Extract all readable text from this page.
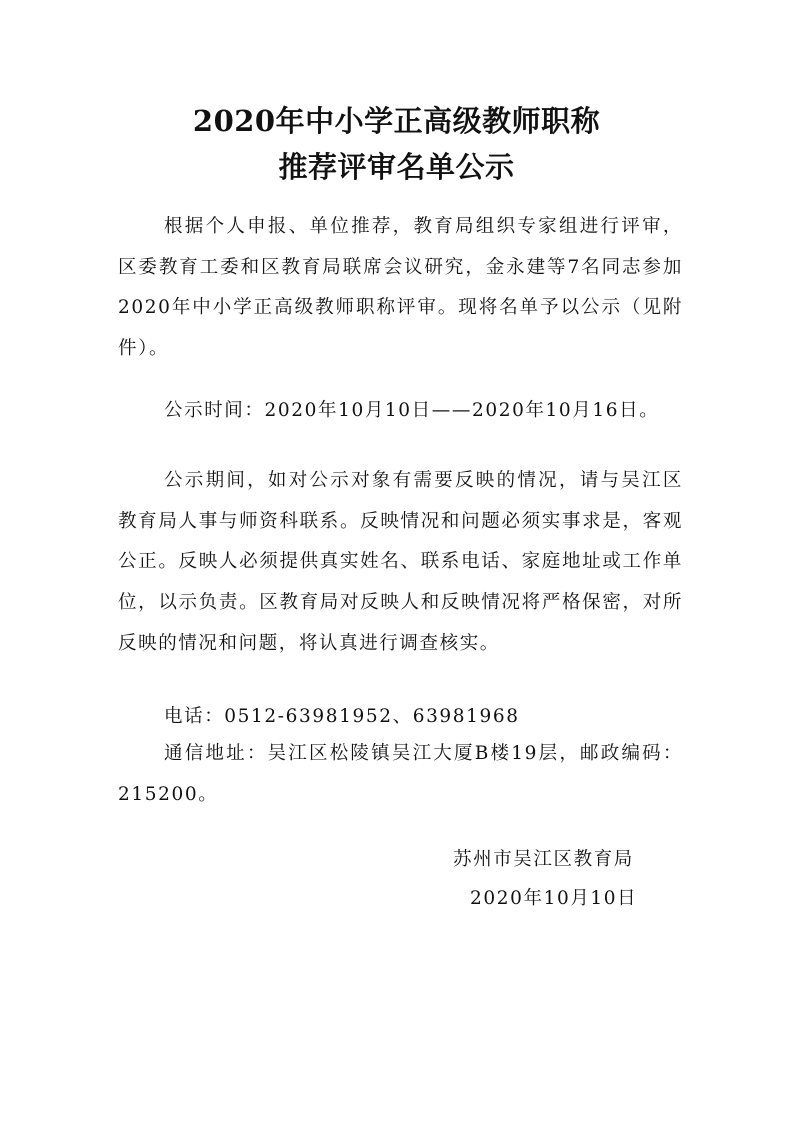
2020年中小学正高级教师职称
推荐评审名单公示

根据个人申报、单位推荐，教育局组织专家组进行评审，区委教育工委和区教育局联席会议研究，金永建等7名同志参加2020年中小学正高级教师职称评审。现将名单予以公示（见附件）。

公示时间：2020年10月10日——2020年10月16日。

公示期间，如对公示对象有需要反映的情况，请与吴江区教育局人事与师资科联系。反映情况和问题必须实事求是，客观公正。反映人必须提供真实姓名、联系电话、家庭地址或工作单位，以示负责。区教育局对反映人和反映情况将严格保密，对所反映的情况和问题，将认真进行调查核实。

电话：0512-63981952、63981968

通信地址：吴江区松陵镇吴江大厦B楼19层，邮政编码：215200。

苏州市吴江区教育局

2020年10月10日
